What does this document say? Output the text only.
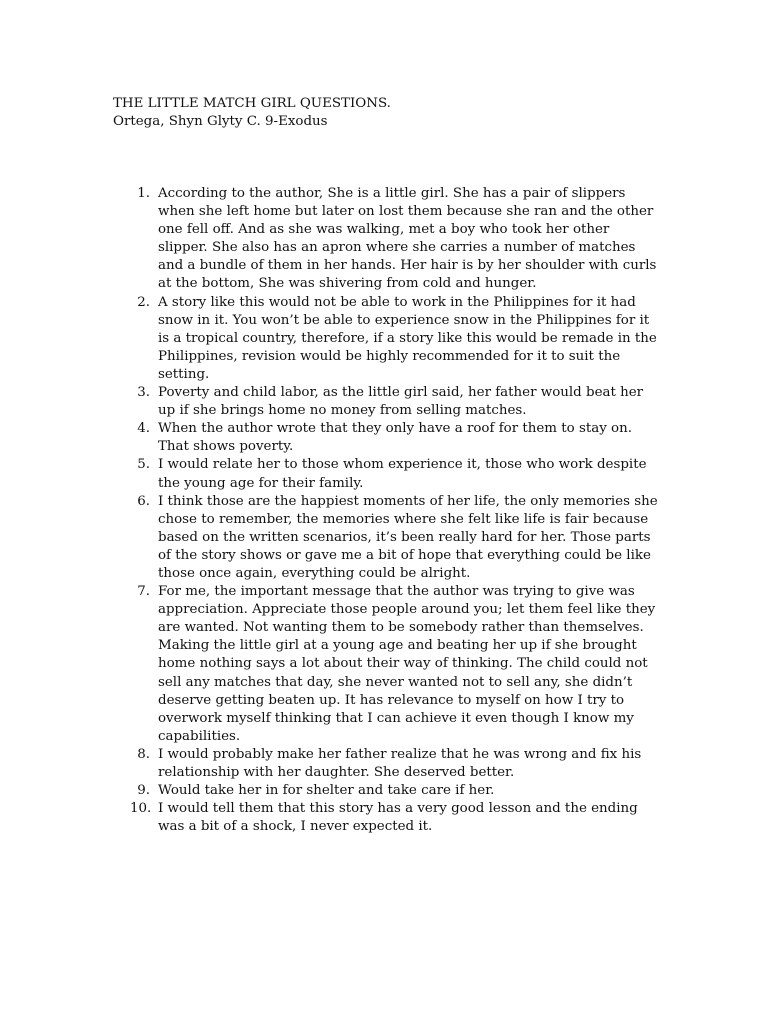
THE LITTLE MATCH GIRL QUESTIONS.
Ortega, Shyn Glyty C. 9-Exodus
1. According to the author, She is a little girl. She has a pair of slippers when she left home but later on lost them because she ran and the other one fell off. And as she was walking, met a boy who took her other slipper. She also has an apron where she carries a number of matches and a bundle of them in her hands. Her hair is by her shoulder with curls at the bottom, She was shivering from cold and hunger.
2. A story like this would not be able to work in the Philippines for it had snow in it. You won’t be able to experience snow in the Philippines for it is a tropical country, therefore, if a story like this would be remade in the Philippines, revision would be highly recommended for it to suit the setting.
3. Poverty and child labor, as the little girl said, her father would beat her up if she brings home no money from selling matches.
4. When the author wrote that they only have a roof for them to stay on. That shows poverty.
5. I would relate her to those whom experience it, those who work despite the young age for their family.
6. I think those are the happiest moments of her life, the only memories she chose to remember, the memories where she felt like life is fair because based on the written scenarios, it’s been really hard for her. Those parts of the story shows or gave me a bit of hope that everything could be like those once again, everything could be alright.
7. For me, the important message that the author was trying to give was appreciation. Appreciate those people around you; let them feel like they are wanted. Not wanting them to be somebody rather than themselves. Making the little girl at a young age and beating her up if she brought home nothing says a lot about their way of thinking. The child could not sell any matches that day, she never wanted not to sell any, she didn’t deserve getting beaten up. It has relevance to myself on how I try to overwork myself thinking that I can achieve it even though I know my capabilities.
8. I would probably make her father realize that he was wrong and fix his relationship with her daughter. She deserved better.
9. Would take her in for shelter and take care if her.
10. I would tell them that this story has a very good lesson and the ending was a bit of a shock, I never expected it.
